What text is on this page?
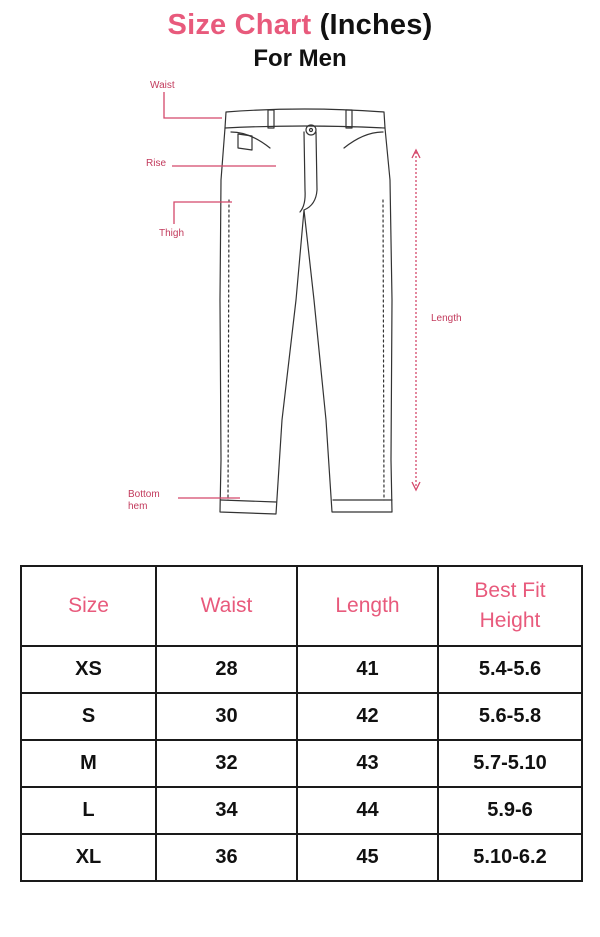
Size Chart (Inches)
For Men
Waist
Rise
Thigh
Length
Bottom
hem
Size	Waist	Length	Best Fit
Height
XS	28	41	5.4-5.6
S	30	42	5.6-5.8
M	32	43	5.7-5.10
L	34	44	5.9-6
XL	36	45	5.10-6.2
